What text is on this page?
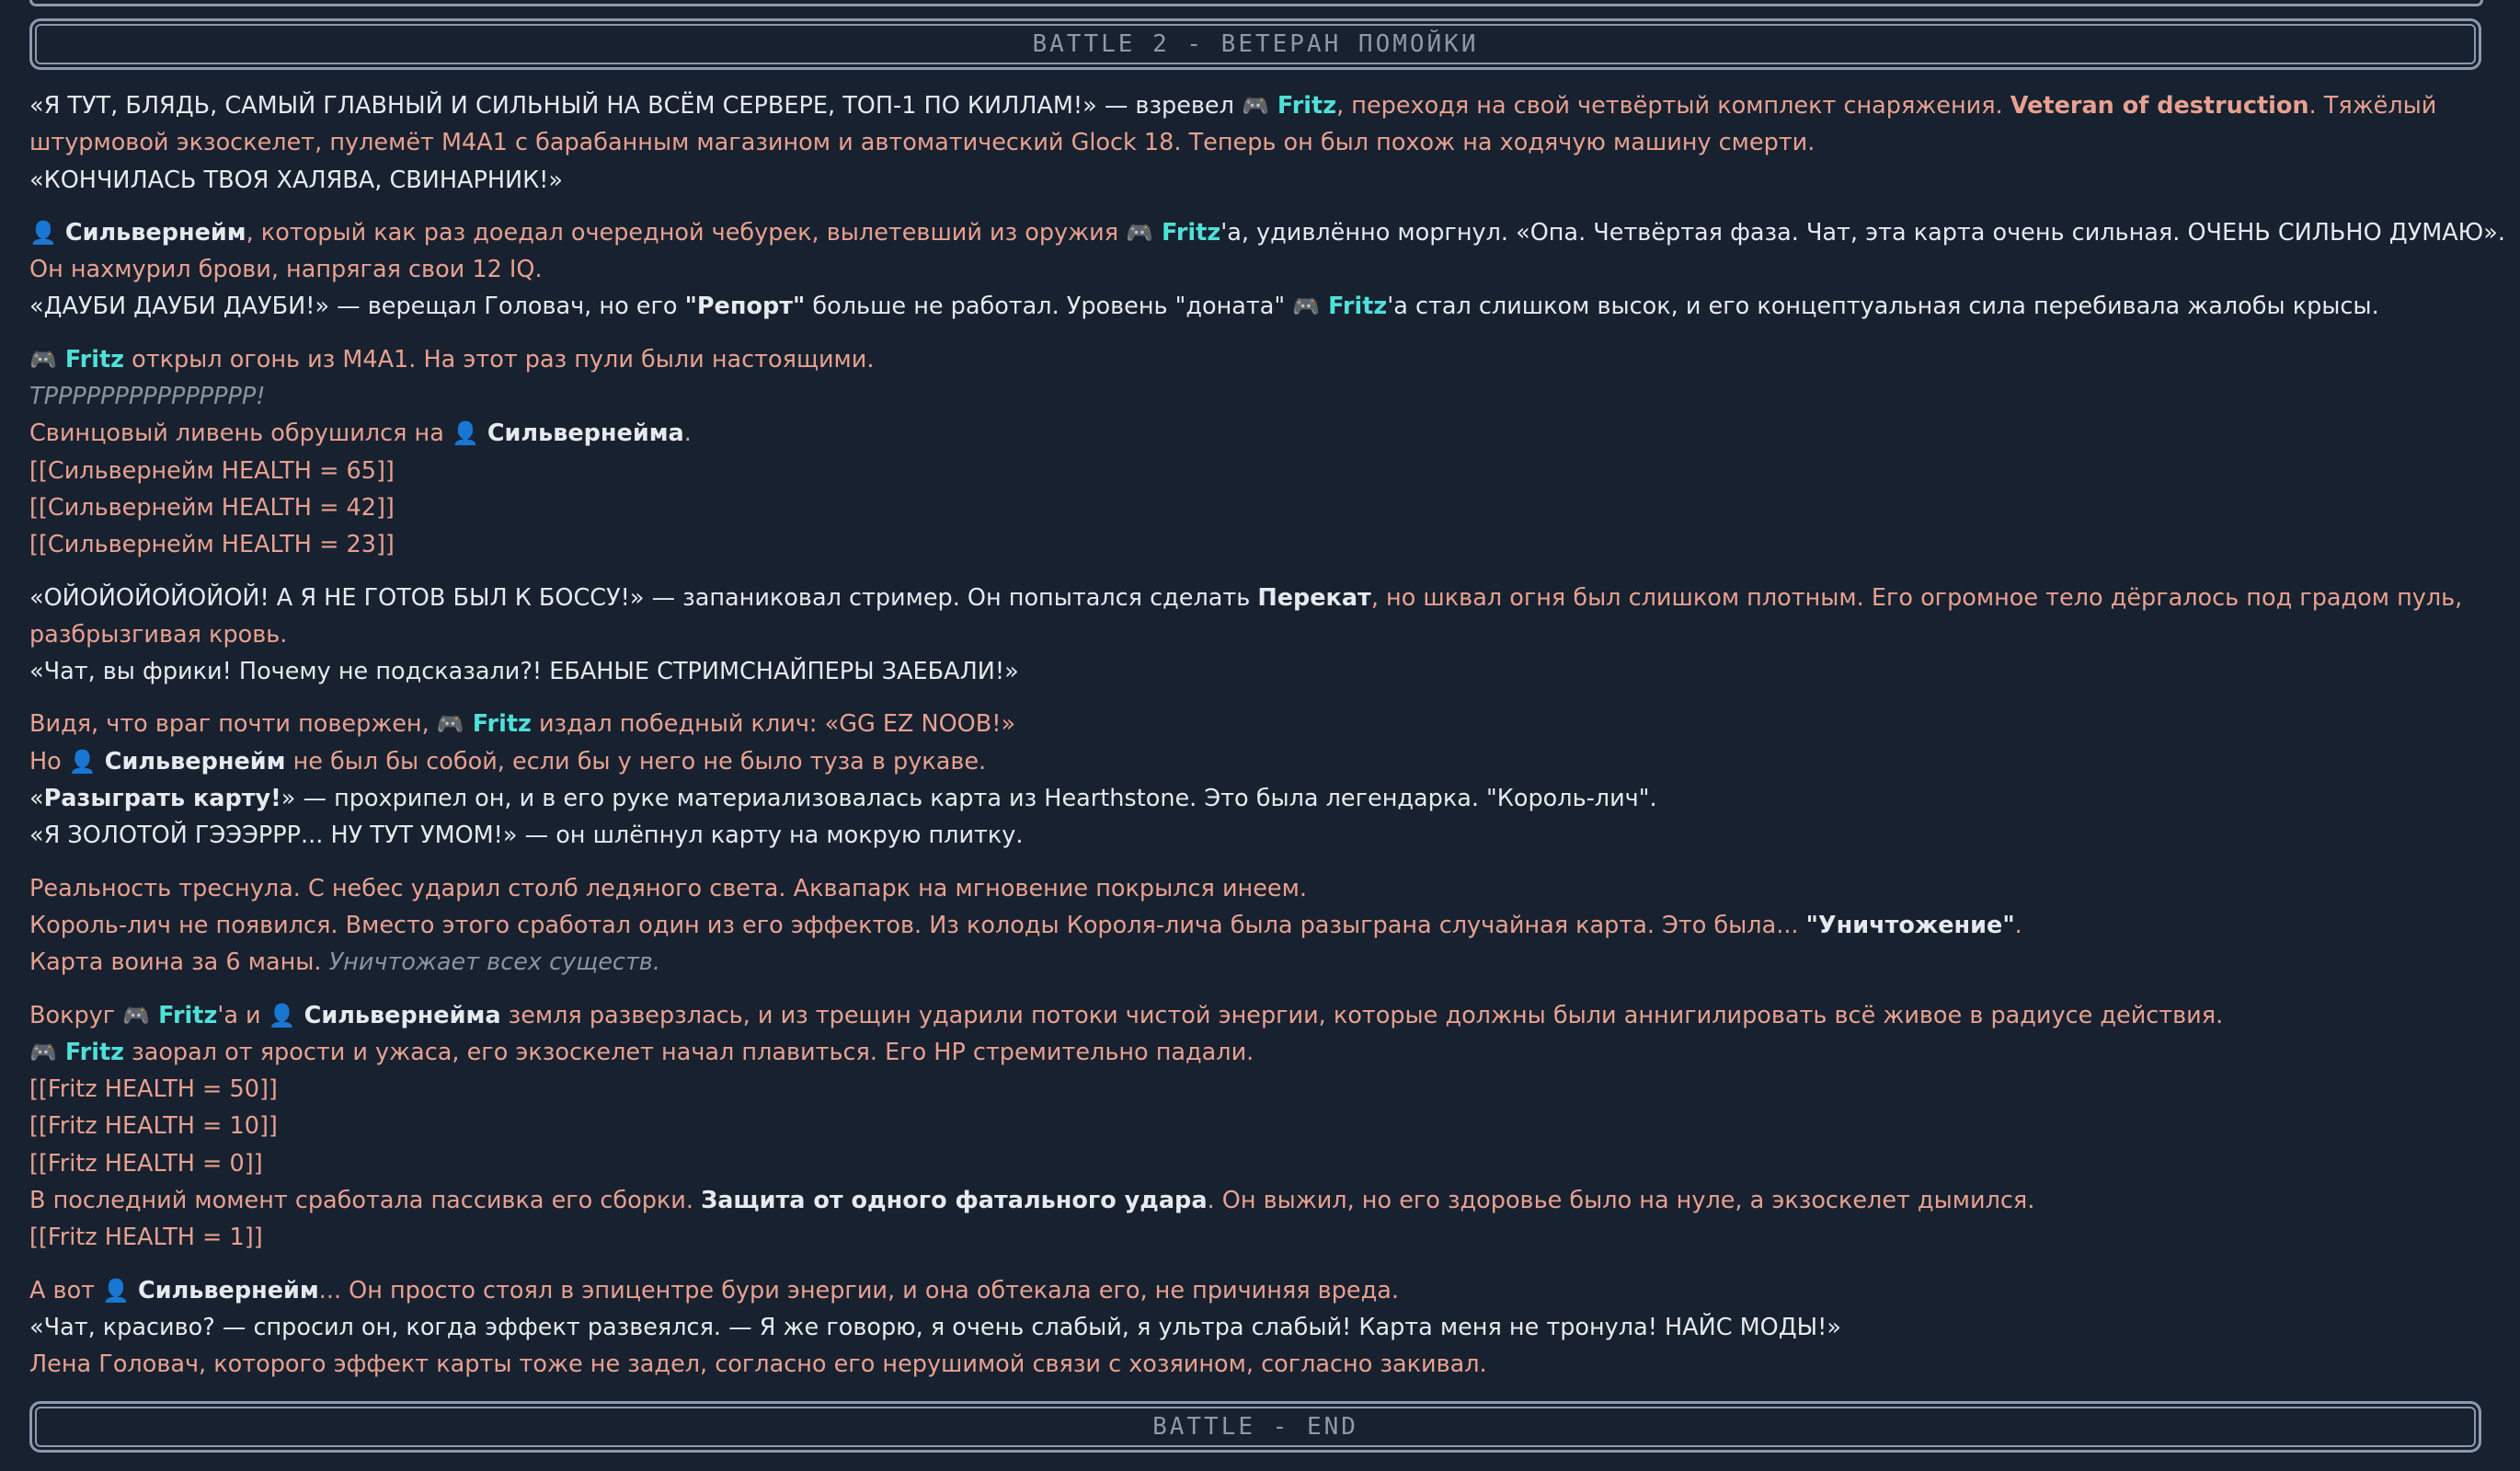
BATTLE 2 - ВЕТЕРАН ПОМОЙКИ
«Я ТУТ, БЛЯДЬ, САМЫЙ ГЛАВНЫЙ И СИЛЬНЫЙ НА ВСЁМ СЕРВЕРЕ, ТОП-1 ПО КИЛЛАМ!» — взревел 🎮 Fritz, переходя на свой четвёртый комплект снаряжения. Veteran of destruction. Тяжёлый
штурмовой экзоскелет, пулемёт M4A1 с барабанным магазином и автоматический Glock 18. Теперь он был похож на ходячую машину смерти.
«КОНЧИЛАСЬ ТВОЯ ХАЛЯВА, СВИНАРНИК!»
👤 Сильвернейм, который как раз доедал очередной чебурек, вылетевший из оружия 🎮 Fritz'а, удивлённо моргнул. «Опа. Четвёртая фаза. Чат, эта карта очень сильная. ОЧЕНЬ СИЛЬНО ДУМАЮ».
Он нахмурил брови, напрягая свои 12 IQ.
«ДАУБИ ДАУБИ ДАУБИ!» — верещал Головач, но его "Репорт" больше не работал. Уровень "доната" 🎮 Fritz'а стал слишком высок, и его концептуальная сила перебивала жалобы крысы.
🎮 Fritz открыл огонь из M4A1. На этот раз пули были настоящими.
ТРРРРРРРРРРРРРРР!
Свинцовый ливень обрушился на 👤 Сильвернейма.
[[Сильвернейм HEALTH = 65]]
[[Сильвернейм HEALTH = 42]]
[[Сильвернейм HEALTH = 23]]
«ОЙОЙОЙОЙОЙОЙ! А Я НЕ ГОТОВ БЫЛ К БОССУ!» — запаниковал стример. Он попытался сделать Перекат, но шквал огня был слишком плотным. Его огромное тело дёргалось под градом пуль,
разбрызгивая кровь.
«Чат, вы фрики! Почему не подсказали?! ЕБАНЫЕ СТРИМСНАЙПЕРЫ ЗАЕБАЛИ!»
Видя, что враг почти повержен, 🎮 Fritz издал победный клич: «GG EZ NOOB!»
Но 👤 Сильвернейм не был бы собой, если бы у него не было туза в рукаве.
«Разыграть карту!» — прохрипел он, и в его руке материализовалась карта из Hearthstone. Это была легендарка. "Король-лич".
«Я ЗОЛОТОЙ ГЭЭЭРРР... НУ ТУТ УМОМ!» — он шлёпнул карту на мокрую плитку.
Реальность треснула. С небес ударил столб ледяного света. Аквапарк на мгновение покрылся инеем.
Король-лич не появился. Вместо этого сработал один из его эффектов. Из колоды Короля-лича была разыграна случайная карта. Это была... "Уничтожение".
Карта воина за 6 маны. Уничтожает всех существ.
Вокруг 🎮 Fritz'а и 👤 Сильвернейма земля разверзлась, и из трещин ударили потоки чистой энергии, которые должны были аннигилировать всё живое в радиусе действия.
🎮 Fritz заорал от ярости и ужаса, его экзоскелет начал плавиться. Его HP стремительно падали.
[[Fritz HEALTH = 50]]
[[Fritz HEALTH = 10]]
[[Fritz HEALTH = 0]]
В последний момент сработала пассивка его сборки. Защита от одного фатального удара. Он выжил, но его здоровье было на нуле, а экзоскелет дымился.
[[Fritz HEALTH = 1]]
А вот 👤 Сильвернейм... Он просто стоял в эпицентре бури энергии, и она обтекала его, не причиняя вреда.
«Чат, красиво? — спросил он, когда эффект развеялся. — Я же говорю, я очень слабый, я ультра слабый! Карта меня не тронула! НАЙС МОДЫ!»
Лена Головач, которого эффект карты тоже не задел, согласно его нерушимой связи с хозяином, согласно закивал.
BATTLE - END
